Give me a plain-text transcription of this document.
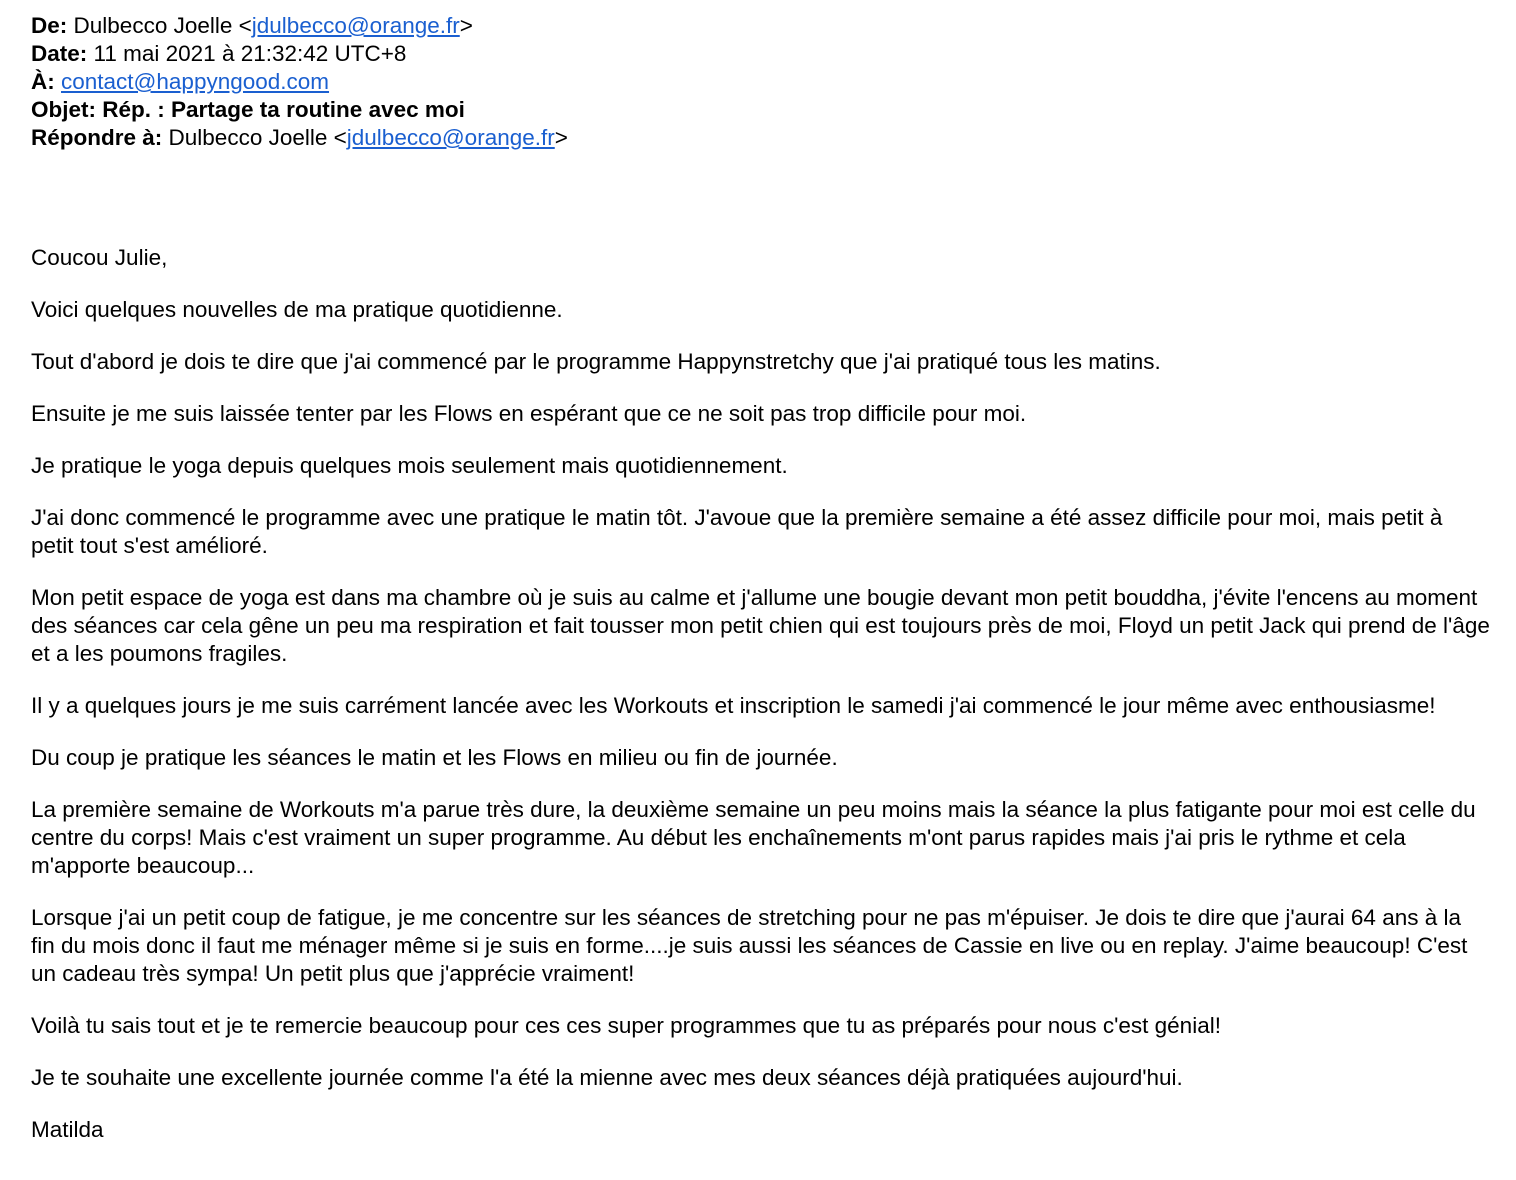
De: Dulbecco Joelle <jdulbecco@orange.fr>
Date: 11 mai 2021 à 21:32:42 UTC+8
À: contact@happyngood.com
Objet: Rép. : Partage ta routine avec moi
Répondre à: Dulbecco Joelle <jdulbecco@orange.fr>

Coucou Julie,

Voici quelques nouvelles de ma pratique quotidienne.

Tout d'abord je dois te dire que j'ai commencé par le programme Happynstretchy que j'ai pratiqué tous les matins.

Ensuite je me suis laissée tenter par les Flows en espérant que ce ne soit pas trop difficile pour moi.

Je pratique le yoga depuis quelques mois seulement mais quotidiennement.

J'ai donc commencé le programme avec une pratique le matin tôt. J'avoue que la première semaine a été assez difficile pour moi, mais petit à petit tout s'est amélioré.

Mon petit espace de yoga est dans ma chambre où je suis au calme et j'allume une bougie devant mon petit bouddha, j'évite l'encens au moment des séances car cela gêne un peu ma respiration et fait tousser mon petit chien qui est toujours près de moi, Floyd un petit Jack qui prend de l'âge et a les poumons fragiles.

Il y a quelques jours je me suis carrément lancée avec les Workouts et inscription le samedi j'ai commencé le jour même avec enthousiasme!

Du coup je pratique les séances le matin et les Flows en milieu ou fin de journée.

La première semaine de Workouts m'a parue très dure, la deuxième semaine un peu moins mais la séance la plus fatigante pour moi est celle du centre du corps! Mais c'est vraiment un super programme. Au début les enchaînements m'ont parus rapides mais j'ai pris le rythme et cela m'apporte beaucoup...

Lorsque j'ai un petit coup de fatigue, je me concentre sur les séances de stretching pour ne pas m'épuiser. Je dois te dire que j'aurai 64 ans à la fin du mois donc il faut me ménager même si je suis en forme....je suis aussi les séances de Cassie en live ou en replay. J'aime beaucoup! C'est un cadeau très sympa! Un petit plus que j'apprécie vraiment!

Voilà tu sais tout et je te remercie beaucoup pour ces ces super programmes que tu as préparés pour nous c'est génial!

Je te souhaite une excellente journée comme l'a été la mienne avec mes deux séances déjà pratiquées aujourd'hui.

Matilda
